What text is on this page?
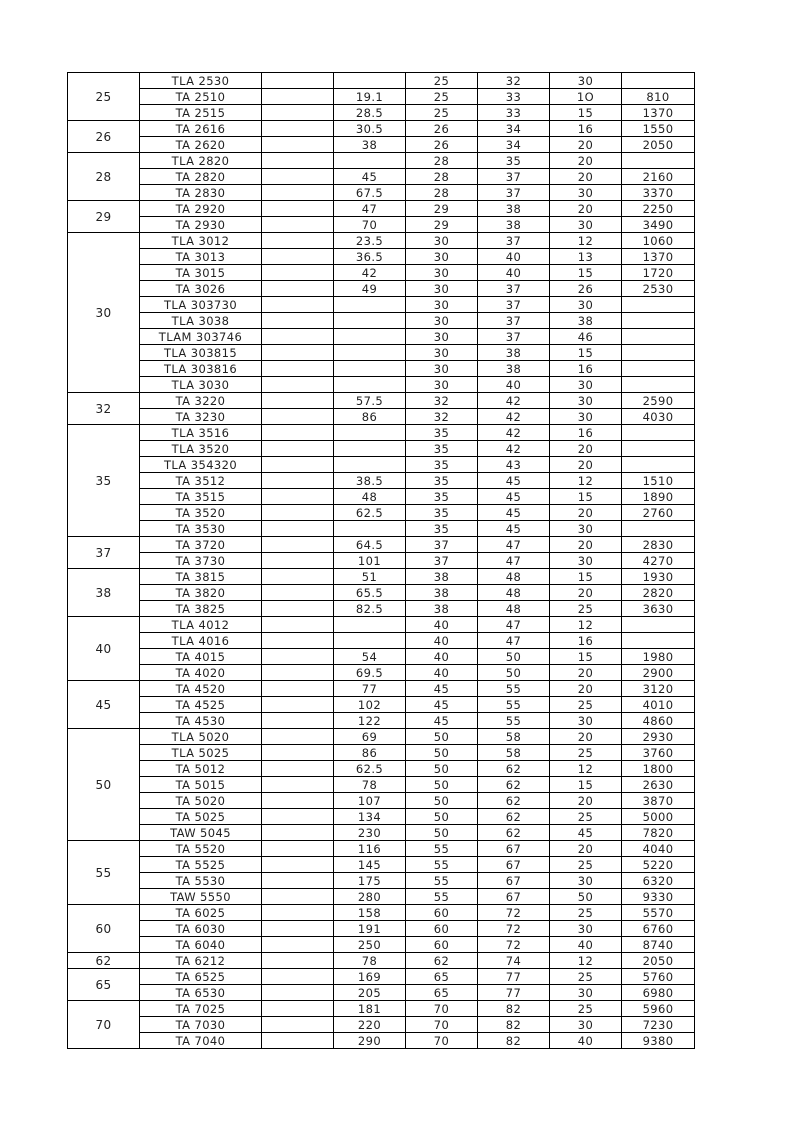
25	TLA 2530			25	32	30	
	TA 2510		19.1	25	33	1O	810
	TA 2515		28.5	25	33	15	1370
26	TA 2616		30.5	26	34	16	1550
	TA 2620		38	26	34	20	2050
28	TLA 2820			28	35	20	
	TA 2820		45	28	37	20	2160
	TA 2830		67.5	28	37	30	3370
29	TA 2920		47	29	38	20	2250
	TA 2930		70	29	38	30	3490
30	TLA 3012		23.5	30	37	12	1060
	TA 3013		36.5	30	40	13	1370
	TA 3015		42	30	40	15	1720
	TA 3026		49	30	37	26	2530
	TLA 303730			30	37	30	
	TLA 3038			30	37	38	
	TLAM 303746			30	37	46	
	TLA 303815			30	38	15	
	TLA 303816			30	38	16	
	TLA 3030			30	40	30	
32	TA 3220		57.5	32	42	30	2590
	TA 3230		86	32	42	30	4030
35	TLA 3516			35	42	16	
	TLA 3520			35	42	20	
	TLA 354320			35	43	20	
	TA 3512		38.5	35	45	12	1510
	TA 3515		48	35	45	15	1890
	TA 3520		62.5	35	45	20	2760
	TA 3530			35	45	30	
37	TA 3720		64.5	37	47	20	2830
	TA 3730		101	37	47	30	4270
38	TA 3815		51	38	48	15	1930
	TA 3820		65.5	38	48	20	2820
	TA 3825		82.5	38	48	25	3630
40	TLA 4012			40	47	12	
	TLA 4016			40	47	16	
	TA 4015		54	40	50	15	1980
	TA 4020		69.5	40	50	20	2900
45	TA 4520		77	45	55	20	3120
	TA 4525		102	45	55	25	4010
	TA 4530		122	45	55	30	4860
50	TLA 5020		69	50	58	20	2930
	TLA 5025		86	50	58	25	3760
	TA 5012		62.5	50	62	12	1800
	TA 5015		78	50	62	15	2630
	TA 5020		107	50	62	20	3870
	TA 5025		134	50	62	25	5000
	TAW 5045		230	50	62	45	7820
55	TA 5520		116	55	67	20	4040
	TA 5525		145	55	67	25	5220
	TA 5530		175	55	67	30	6320
	TAW 5550		280	55	67	50	9330
60	TA 6025		158	60	72	25	5570
	TA 6030		191	60	72	30	6760
	TA 6040		250	60	72	40	8740
62	TA 6212		78	62	74	12	2050
65	TA 6525		169	65	77	25	5760
	TA 6530		205	65	77	30	6980
70	TA 7025		181	70	82	25	5960
	TA 7030		220	70	82	30	7230
	TA 7040		290	70	82	40	9380
